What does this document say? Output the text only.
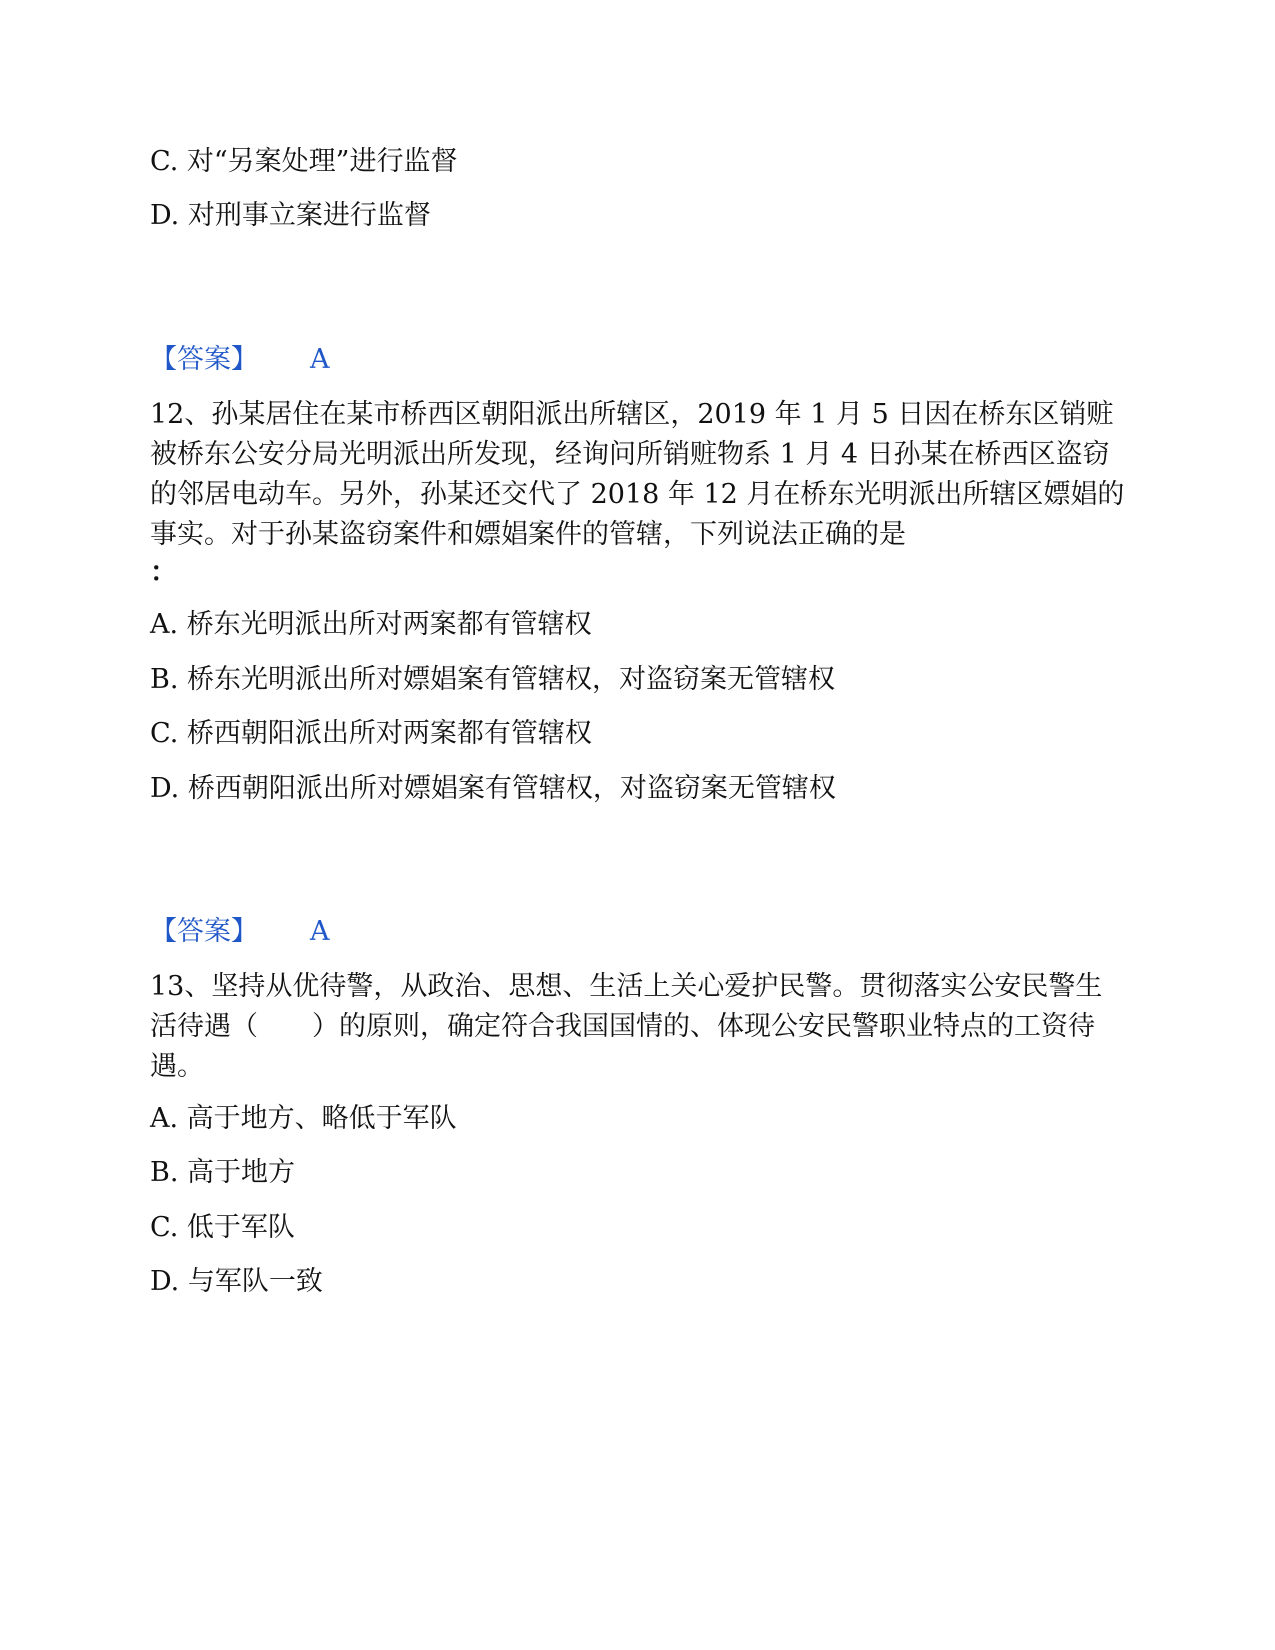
C. 对“另案处理”进行监督
D. 对刑事立案进行监督
【答案】 A
12、孙某居住在某市桥西区朝阳派出所辖区，2019 年 1 月 5 日因在桥东区销赃被桥东公安分局光明派出所发现，经询问所销赃物系 1 月 4 日孙某在桥西区盗窃的邻居电动车。另外，孙某还交代了 2018 年 12 月在桥东光明派出所辖区嫖娼的事实。对于孙某盗窃案件和嫖娼案件的管辖，下列说法正确的是
：
A. 桥东光明派出所对两案都有管辖权
B. 桥东光明派出所对嫖娼案有管辖权，对盗窃案无管辖权
C. 桥西朝阳派出所对两案都有管辖权
D. 桥西朝阳派出所对嫖娼案有管辖权，对盗窃案无管辖权
【答案】 A
13、坚持从优待警，从政治、思想、生活上关心爱护民警。贯彻落实公安民警生活待遇（　　）的原则，确定符合我国国情的、体现公安民警职业特点的工资待遇。
A. 高于地方、略低于军队
B. 高于地方
C. 低于军队
D. 与军队一致
